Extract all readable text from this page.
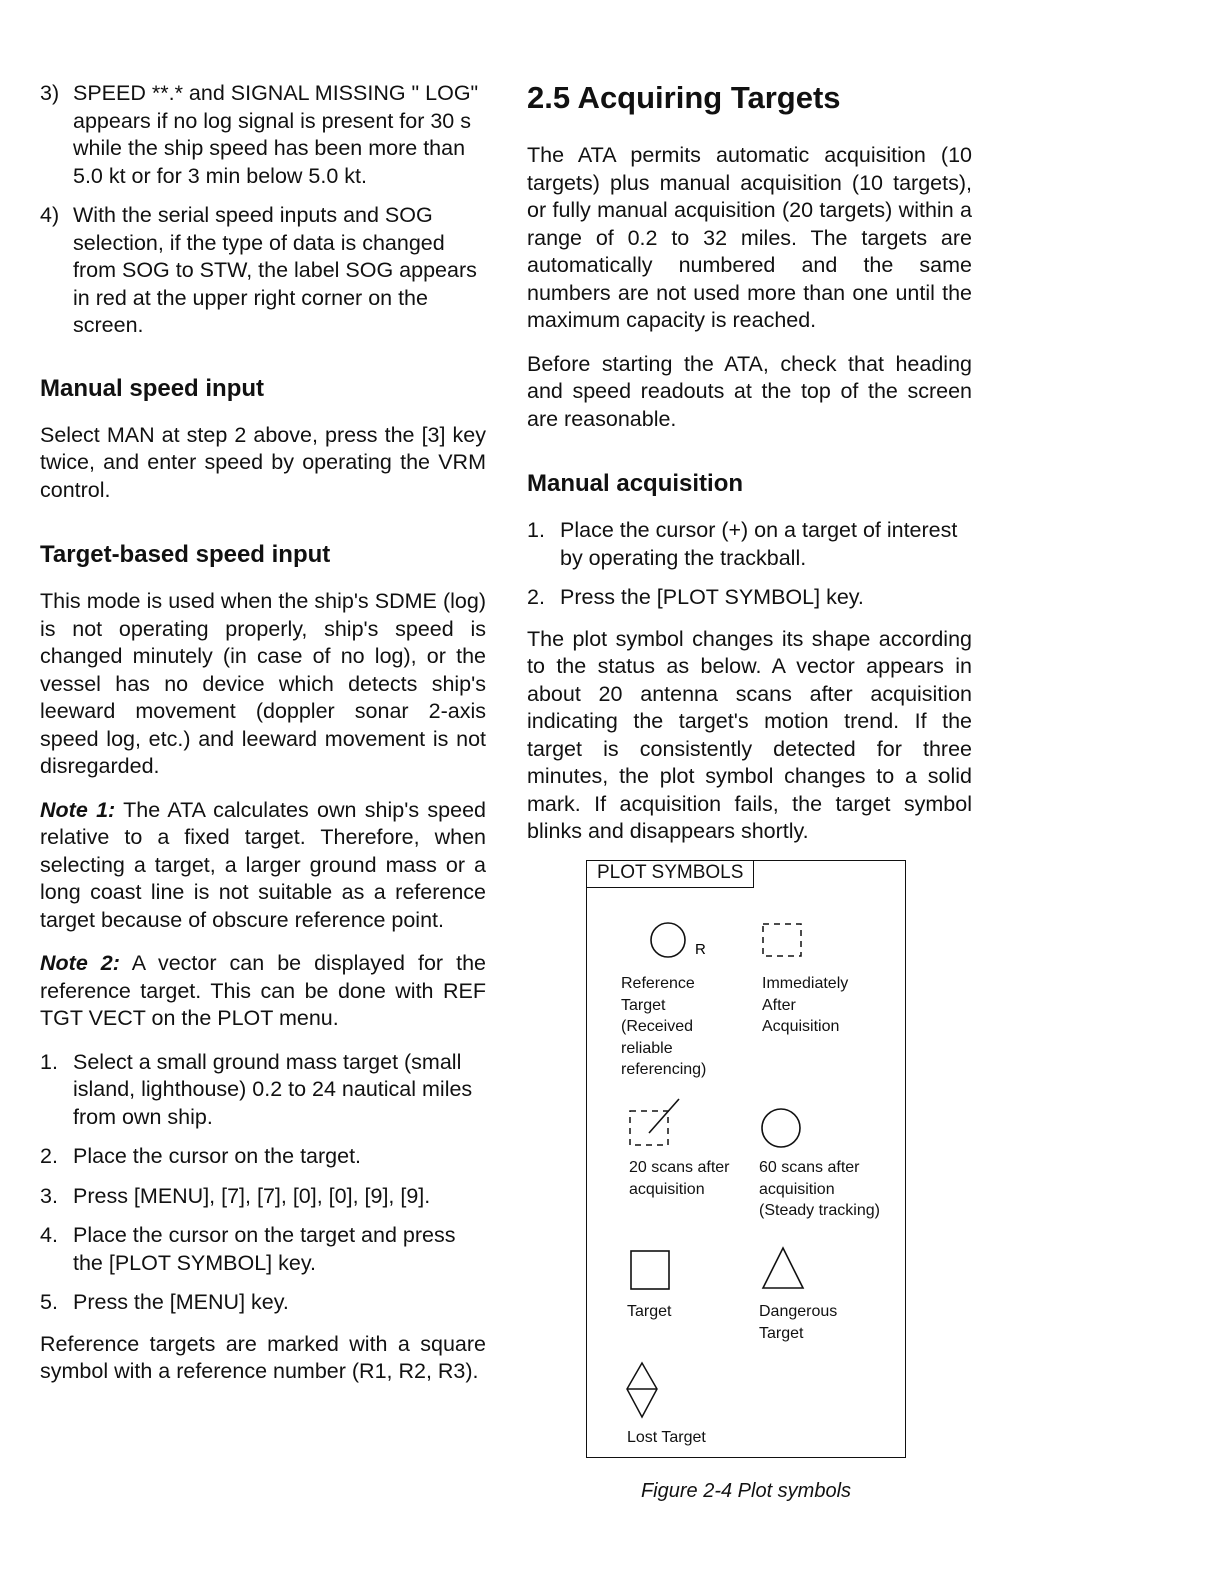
3) SPEED **.* and SIGNAL MISSING " LOG" appears if no log signal is present for 30 s while the ship speed has been more than 5.0 kt or for 3 min below 5.0 kt.
4) With the serial speed inputs and SOG selection, if the type of data is changed from SOG to STW, the label SOG appears in red at the upper right corner on the screen.
Manual speed input

Select MAN at step 2 above, press the [3] key twice, and enter speed by operating the VRM control.

Target-based speed input

This mode is used when the ship's SDME (log) is not operating properly, ship's speed is changed minutely (in case of no log), or the vessel has no device which detects ship's leeward movement (doppler sonar 2-axis speed log, etc.) and leeward movement is not disregarded.

Note 1: The ATA calculates own ship's speed relative to a fixed target. Therefore, when selecting a target, a larger ground mass or a long coast line is not suitable as a reference target because of obscure reference point.

Note 2: A vector can be displayed for the reference target. This can be done with REF TGT VECT on the PLOT menu.

1. Select a small ground mass target (small island, lighthouse) 0.2 to 24 nautical miles from own ship.
2. Place the cursor on the target.
3. Press [MENU], [7], [7], [0], [0], [9], [9].
4. Place the cursor on the target and press the [PLOT SYMBOL] key.
5. Press the [MENU] key.

Reference targets are marked with a square symbol with a reference number (R1, R2, R3).

2.5 Acquiring Targets

The ATA permits automatic acquisition (10 targets) plus manual acquisition (10 targets), or fully manual acquisition (20 targets) within a range of 0.2 to 32 miles. The targets are automatically numbered and the same numbers are not used more than one until the maximum capacity is reached.

Before starting the ATA, check that heading and speed readouts at the top of the screen are reasonable.

Manual acquisition
1. Place the cursor (+) on a target of interest by operating the trackball.
2. Press the [PLOT SYMBOL] key.

The plot symbol changes its shape according to the status as below. A vector appears in about 20 antenna scans after acquisition indicating the target's motion trend. If the target is consistently detected for three minutes, the plot symbol changes to a solid mark. If acquisition fails, the target symbol blinks and disappears shortly.

PLOT SYMBOLS
R
Reference
Target
(Received
reliable
referencing)
Immediately
After
Acquisition
20 scans after
acquisition
60 scans after
acquisition
(Steady tracking)
Target	Dangerous
Target
Lost Target
Figure 2-4 Plot symbols
